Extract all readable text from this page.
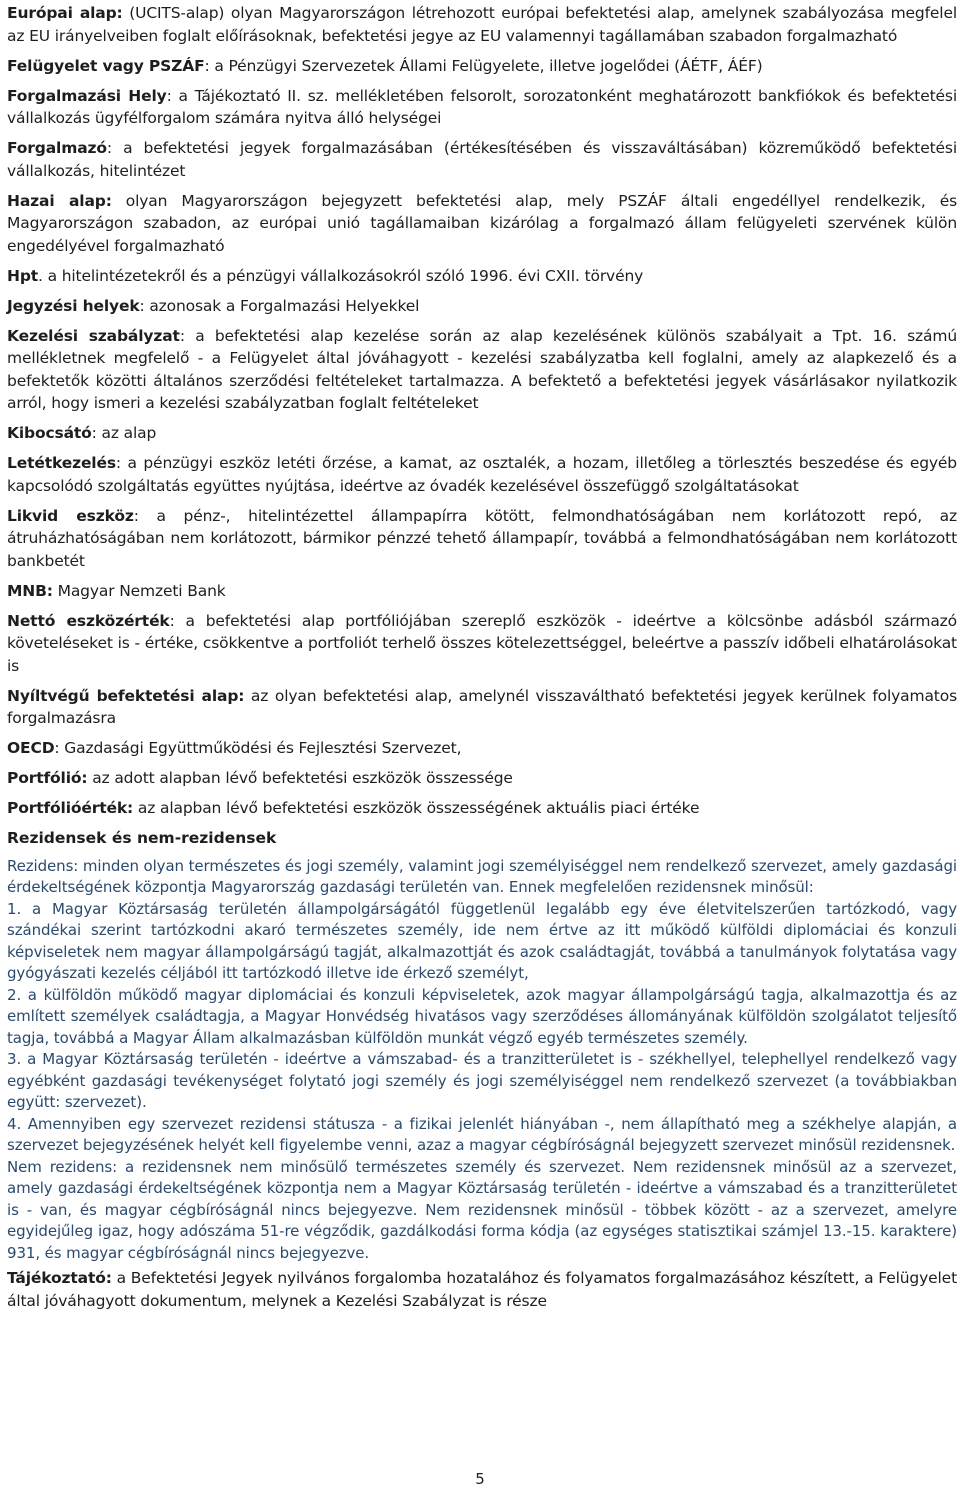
Európai alap: (UCITS-alap) olyan Magyarországon létrehozott európai befektetési alap, amelynek szabályozása megfelel az EU irányelveiben foglalt előírásoknak, befektetési jegye az EU valamennyi tagállamában szabadon forgalmazható

Felügyelet vagy PSZÁF: a Pénzügyi Szervezetek Állami Felügyelete, illetve jogelődei (ÁÉTF, ÁÉF)

Forgalmazási Hely: a Tájékoztató II. sz. mellékletében felsorolt, sorozatonként meghatározott bankfiókok és befektetési vállalkozás ügyfélforgalom számára nyitva álló helységei

Forgalmazó: a befektetési jegyek forgalmazásában (értékesítésében és visszaváltásában) közreműködő befektetési vállalkozás, hitelintézet

Hazai alap: olyan Magyarországon bejegyzett befektetési alap, mely PSZÁF általi engedéllyel rendelkezik, és Magyarországon szabadon, az európai unió tagállamaiban kizárólag a forgalmazó állam felügyeleti szervének külön engedélyével forgalmazható

Hpt. a hitelintézetekről és a pénzügyi vállalkozásokról szóló 1996. évi CXII. törvény

Jegyzési helyek: azonosak a Forgalmazási Helyekkel

Kezelési szabályzat: a befektetési alap kezelése során az alap kezelésének különös szabályait a Tpt. 16. számú mellékletnek megfelelő - a Felügyelet által jóváhagyott - kezelési szabályzatba kell foglalni, amely az alapkezelő és a befektetők közötti általános szerződési feltételeket tartalmazza. A befektető a befektetési jegyek vásárlásakor nyilatkozik arról, hogy ismeri a kezelési szabályzatban foglalt feltételeket

Kibocsátó: az alap

Letétkezelés: a pénzügyi eszköz letéti őrzése, a kamat, az osztalék, a hozam, illetőleg a törlesztés beszedése és egyéb kapcsolódó szolgáltatás együttes nyújtása, ideértve az óvadék kezelésével összefüggő szolgáltatásokat

Likvid eszköz: a pénz-, hitelintézettel állampapírra kötött, felmondhatóságában nem korlátozott repó, az átruházhatóságában nem korlátozott, bármikor pénzzé tehető állampapír, továbbá a felmondhatóságában nem korlátozott bankbetét

MNB: Magyar Nemzeti Bank

Nettó eszközérték: a befektetési alap portfóliójában szereplő eszközök - ideértve a kölcsönbe adásból származó követeléseket is - értéke, csökkentve a portfoliót terhelő összes kötelezettséggel, beleértve a passzív időbeli elhatárolásokat is

Nyíltvégű befektetési alap: az olyan befektetési alap, amelynél visszaváltható befektetési jegyek kerülnek folyamatos forgalmazásra

OECD: Gazdasági Együttműködési és Fejlesztési Szervezet,

Portfólió: az adott alapban lévő befektetési eszközök összessége

Portfólióérték: az alapban lévő befektetési eszközök összességének aktuális piaci értéke

Rezidensek és nem-rezidensek

Rezidens: minden olyan természetes és jogi személy, valamint jogi személyiséggel nem rendelkező szervezet, amely gazdasági érdekeltségének központja Magyarország gazdasági területén van. Ennek megfelelően rezidensnek minősül:

1. a Magyar Köztársaság területén állampolgárságától függetlenül legalább egy éve életvitelszerűen tartózkodó, vagy szándékai szerint tartózkodni akaró természetes személy, ide nem értve az itt működő külföldi diplomáciai és konzuli képviseletek nem magyar állampolgárságú tagját, alkalmazottját és azok családtagját, továbbá a tanulmányok folytatása vagy gyógyászati kezelés céljából itt tartózkodó illetve ide érkező személyt,

2. a külföldön működő magyar diplomáciai és konzuli képviseletek, azok magyar állampolgárságú tagja, alkalmazottja és az említett személyek családtagja, a Magyar Honvédség hivatásos vagy szerződéses állományának külföldön szolgálatot teljesítő tagja, továbbá a Magyar Állam alkalmazásban külföldön munkát végző egyéb természetes személy.

3. a Magyar Köztársaság területén - ideértve a vámszabad- és a tranzitterületet is - székhellyel, telephellyel rendelkező vagy egyébként gazdasági tevékenységet folytató jogi személy és jogi személyiséggel nem rendelkező szervezet (a továbbiakban együtt: szervezet).

4. Amennyiben egy szervezet rezidensi státusza - a fizikai jelenlét hiányában -, nem állapítható meg a székhelye alapján, a szervezet bejegyzésének helyét kell figyelembe venni, azaz a magyar cégbíróságnál bejegyzett szervezet minősül rezidensnek.

Nem rezidens: a rezidensnek nem minősülő természetes személy és szervezet. Nem rezidensnek minősül az a szervezet, amely gazdasági érdekeltségének központja nem a Magyar Köztársaság területén - ideértve a vámszabad és a tranzitterületet is - van, és magyar cégbíróságnál nincs bejegyezve. Nem rezidensnek minősül - többek között - az a szervezet, amelyre egyidejűleg igaz, hogy adószáma 51-re végződik, gazdálkodási forma kódja (az egységes statisztikai számjel 13.-15. karaktere) 931, és magyar cégbíróságnál nincs bejegyezve.

Tájékoztató: a Befektetési Jegyek nyilvános forgalomba hozatalához és folyamatos forgalmazásához készített, a Felügyelet által jóváhagyott dokumentum, melynek a Kezelési Szabályzat is része

5
